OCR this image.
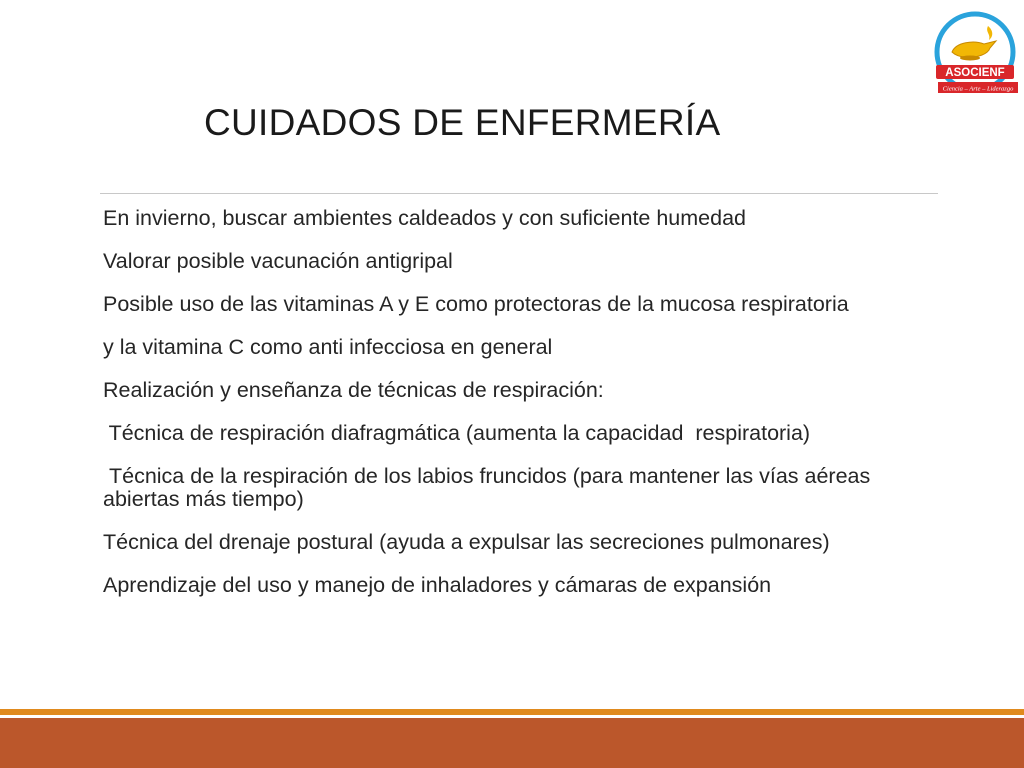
ASOCIENF
Ciencia – Arte – Liderazgo
CUIDADOS DE ENFERMERÍA
En invierno, buscar ambientes caldeados y con suficiente humedad
Valorar posible vacunación antigripal
Posible uso de las vitaminas A y E como protectoras de la mucosa respiratoria
y la vitamina C como anti infecciosa en general
Realización y enseñanza de técnicas de respiración:
Técnica de respiración diafragmática (aumenta la capacidad  respiratoria)
Técnica de la respiración de los labios fruncidos (para mantener las vías aéreas abiertas más tiempo)
Técnica del drenaje postural (ayuda a expulsar las secreciones pulmonares)
Aprendizaje del uso y manejo de inhaladores y cámaras de expansión
